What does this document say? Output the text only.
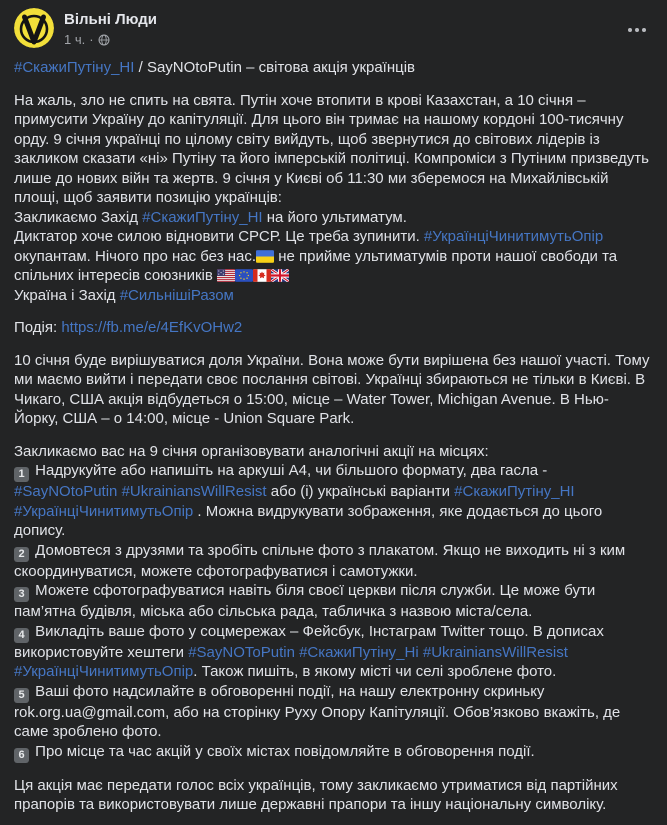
Вільні Люди
1 ч. ·
#СкажиПутіну_НІ / SayNOtoPutin – світова акція українців
На жаль, зло не спить на свята. Путін хоче втопити в крові Казахстан, а 10 січня – примусити Україну до капітуляції. Для цього він тримає на нашому кордоні 100-тисячну орду. 9 січня українці по цілому світу вийдуть, щоб звернутися до світових лідерів із закликом сказати «ні» Путіну та його імперській політиці. Компроміси з Путіним призведуть лише до нових війн та жертв. 9 січня у Києві об 11:30 ми зберемося на Михайлівській площі, щоб заявити позицію українців:
Закликаємо Захід #СкажиПутіну_НІ на його ультиматум.
Диктатор хоче силою відновити СРСР. Це треба зупинити. #УкраїнціЧинитимутьОпір окупантам. Нічого про нас без нас.
не прийме ультиматумів проти нашої свободи та спільних інтересів союзників
Україна і Захід #СильнішіРазом
Подія: https://fb.me/e/4EfKvOHw2
10 січня буде вирішуватися доля України. Вона може бути вирішена без нашої участі. Тому ми маємо вийти і передати своє послання світові. Українці збираються не тільки в Києві. В Чикаго, США акція відбудеться о 15:00, місце – Water Tower, Michigan Avenue. В Нью-Йорку, США – о 14:00, місце - Union Square Park.
Закликаємо вас на 9 січня організовувати аналогічні акції на місцях:
1 Надрукуйте або напишіть на аркуші А4, чи більшого формату, два гасла - #SayNOtoPutin #UkrainiansWillResist або (і) українські варіанти #СкажиПутіну_НІ #УкраїнціЧинитимутьОпір . Можна видрукувати зображення, яке додається до цього допису.
2 Домовтеся з друзями та зробіть спільне фото з плакатом. Якщо не виходить ні з ким скоординуватися, можете сфотографуватися і самотужки.
3 Можете сфотографуватися навіть біля своєї церкви після служби. Це може бути пам’ятна будівля, міська або сільська рада, табличка з назвою міста/села.
4 Викладіть ваше фото у соцмережах – Фейсбук, Інстаграм Twitter тощо. В дописах використовуйте хештеги #SayNOToPutin #СкажиПутіну_Ні #UkrainiansWillResist #УкраїнціЧинитимутьОпір. Також пишіть, в якому місті чи селі зроблене фото.
5 Ваші фото надсилайте в обговоренні події, на нашу електронну скриньку rok.org.ua@gmail.com, або на сторінку Руху Опору Капітуляції. Обов’язково вкажіть, де саме зроблено фото.
6 Про місце та час акцій у своїх містах повідомляйте в обговорення події.
Ця акція має передати голос всіх українців, тому закликаємо утриматися від партійних прапорів та використовувати лише державні прапори та іншу національну символіку.
